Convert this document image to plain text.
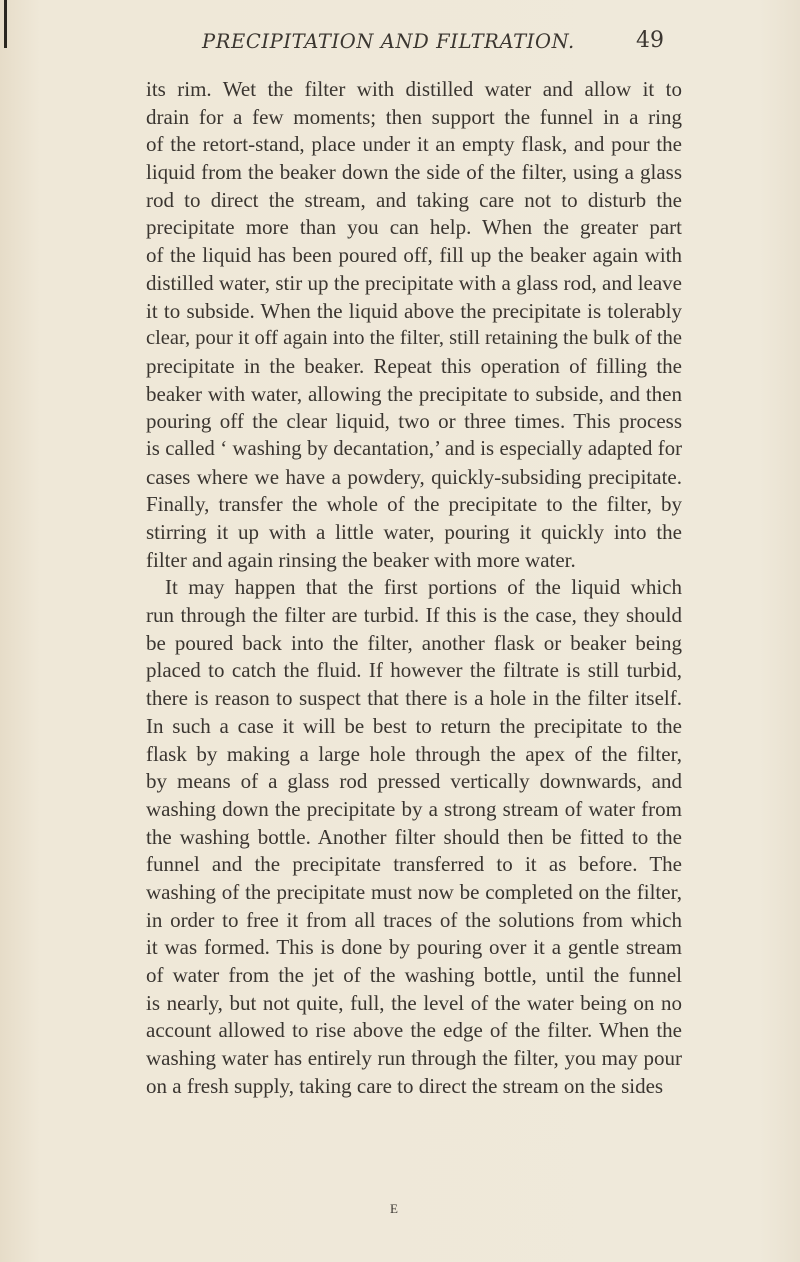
PRECIPITATION AND FILTRATION.	49
its rim. Wet the filter with distilled water and allow it to
drain for a few moments; then support the funnel in a ring
of the retort-stand, place under it an empty flask, and pour the
liquid from the beaker down the side of the filter, using a glass
rod to direct the stream, and taking care not to disturb the
precipitate more than you can help. When the greater part
of the liquid has been poured off, fill up the beaker again with
distilled water, stir up the precipitate with a glass rod, and leave
it to subside. When the liquid above the precipitate is tolerably
clear, pour it off again into the filter, still retaining the bulk of the
precipitate in the beaker. Repeat this operation of filling the
beaker with water, allowing the precipitate to subside, and then
pouring off the clear liquid, two or three times. This process
is called ‘ washing by decantation,’ and is especially adapted for
cases where we have a powdery, quickly-subsiding precipitate.
Finally, transfer the whole of the precipitate to the filter, by
stirring it up with a little water, pouring it quickly into the
filter and again rinsing the beaker with more water.
It may happen that the first portions of the liquid which
run through the filter are turbid. If this is the case, they should
be poured back into the filter, another flask or beaker being
placed to catch the fluid. If however the filtrate is still turbid,
there is reason to suspect that there is a hole in the filter itself.
In such a case it will be best to return the precipitate to the
flask by making a large hole through the apex of the filter,
by means of a glass rod pressed vertically downwards, and
washing down the precipitate by a strong stream of water from
the washing bottle. Another filter should then be fitted to the
funnel and the precipitate transferred to it as before. The
washing of the precipitate must now be completed on the filter,
in order to free it from all traces of the solutions from which
it was formed. This is done by pouring over it a gentle stream
of water from the jet of the washing bottle, until the funnel
is nearly, but not quite, full, the level of the water being on no
account allowed to rise above the edge of the filter. When the
washing water has entirely run through the filter, you may pour
on a fresh supply, taking care to direct the stream on the sides
E
